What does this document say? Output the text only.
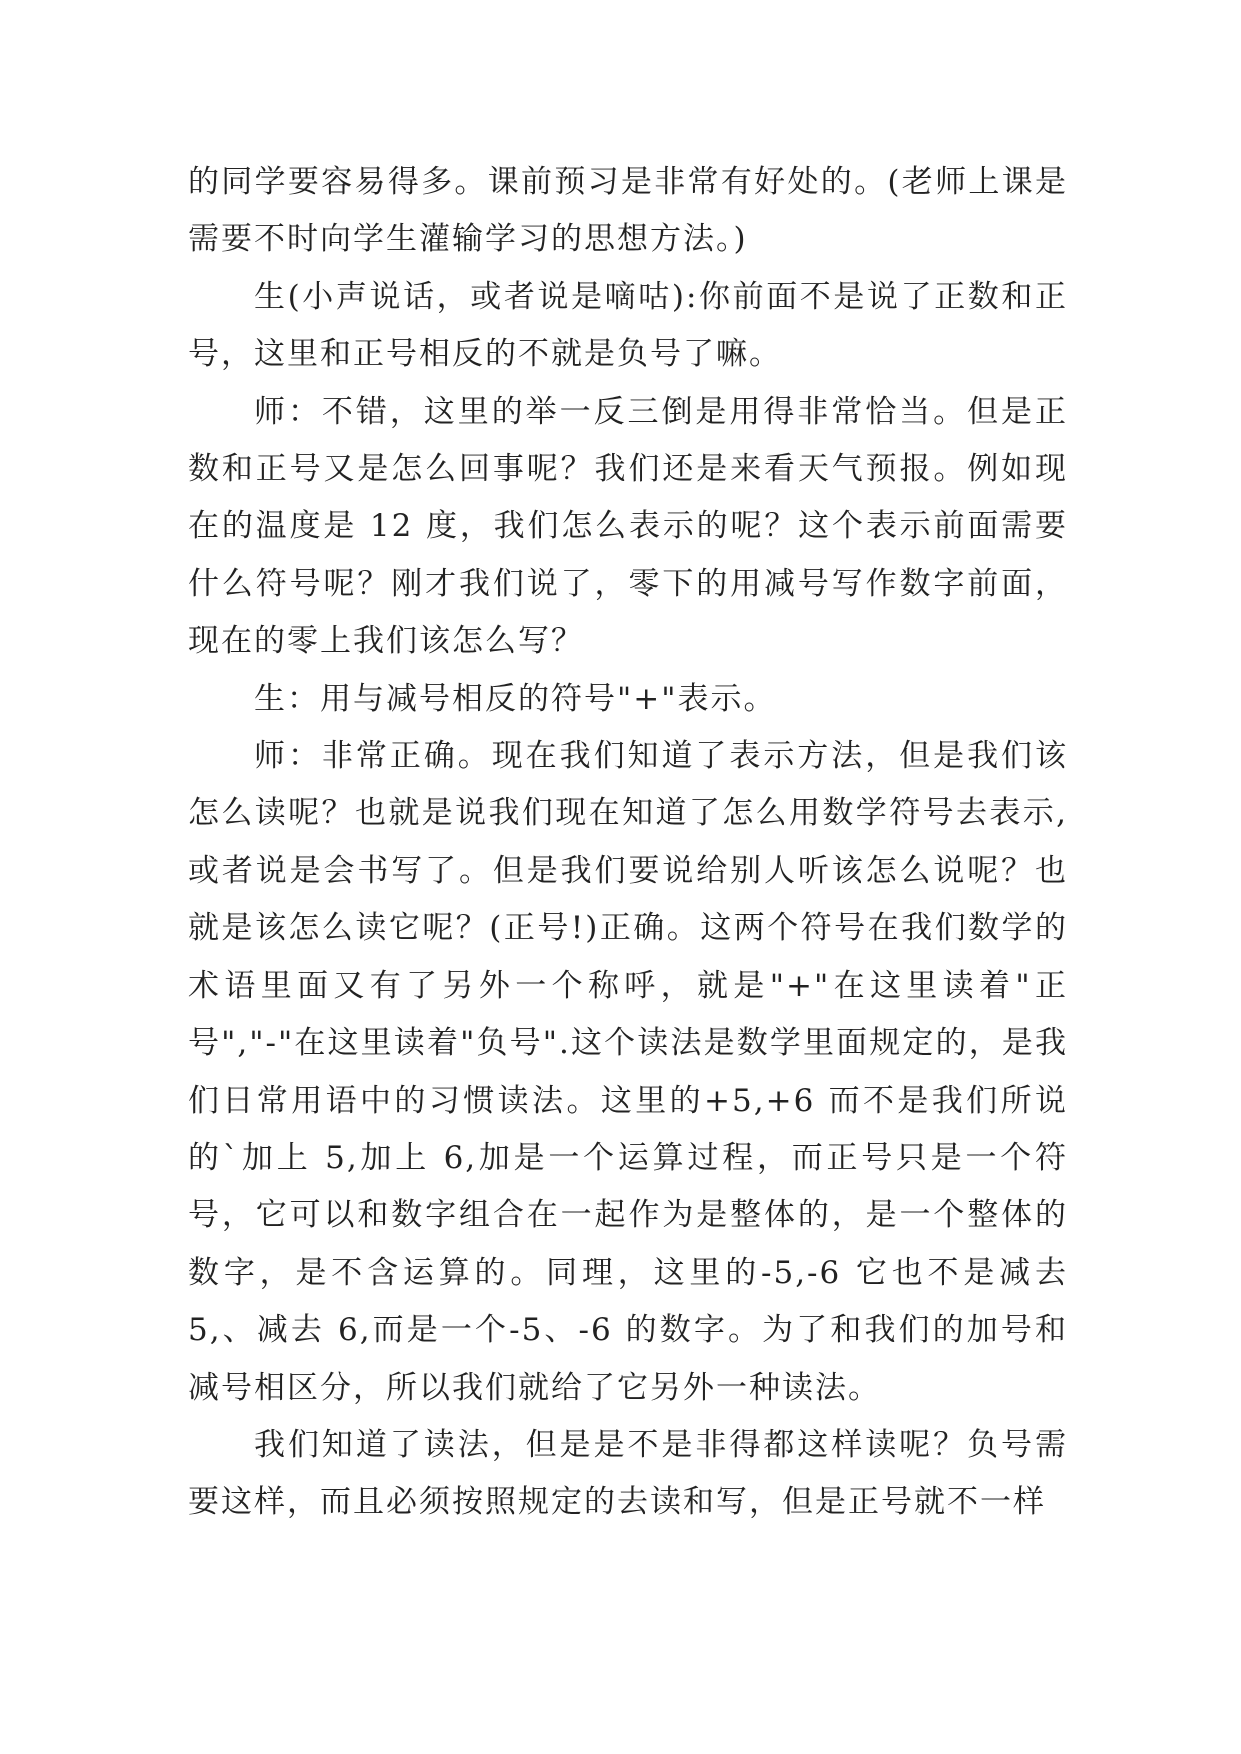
的同学要容易得多。课前预习是非常有好处的。(老师上课是需要不时向学生灌输学习的思想方法。)

生(小声说话，或者说是嘀咕):你前面不是说了正数和正号，这里和正号相反的不就是负号了嘛。

师：不错，这里的举一反三倒是用得非常恰当。但是正数和正号又是怎么回事呢？我们还是来看天气预报。例如现在的温度是 12 度，我们怎么表示的呢？这个表示前面需要什么符号呢？刚才我们说了，零下的用减号写作数字前面，现在的零上我们该怎么写？

生：用与减号相反的符号"+"表示。

师：非常正确。现在我们知道了表示方法，但是我们该怎么读呢？也就是说我们现在知道了怎么用数学符号去表示,或者说是会书写了。但是我们要说给别人听该怎么说呢？也就是该怎么读它呢？(正号!)正确。这两个符号在我们数学的术语里面又有了另外一个称呼，就是"+"在这里读着"正号","-"在这里读着"负号".这个读法是数学里面规定的，是我们日常用语中的习惯读法。这里的+5,+6 而不是我们所说的`加上 5,加上 6,加是一个运算过程，而正号只是一个符号，它可以和数字组合在一起作为是整体的，是一个整体的数字，是不含运算的。同理，这里的-5,-6 它也不是减去5,、减去 6,而是一个-5、-6 的数字。为了和我们的加号和减号相区分，所以我们就给了它另外一种读法。

我们知道了读法，但是是不是非得都这样读呢？负号需要这样，而且必须按照规定的去读和写，但是正号就不一样
